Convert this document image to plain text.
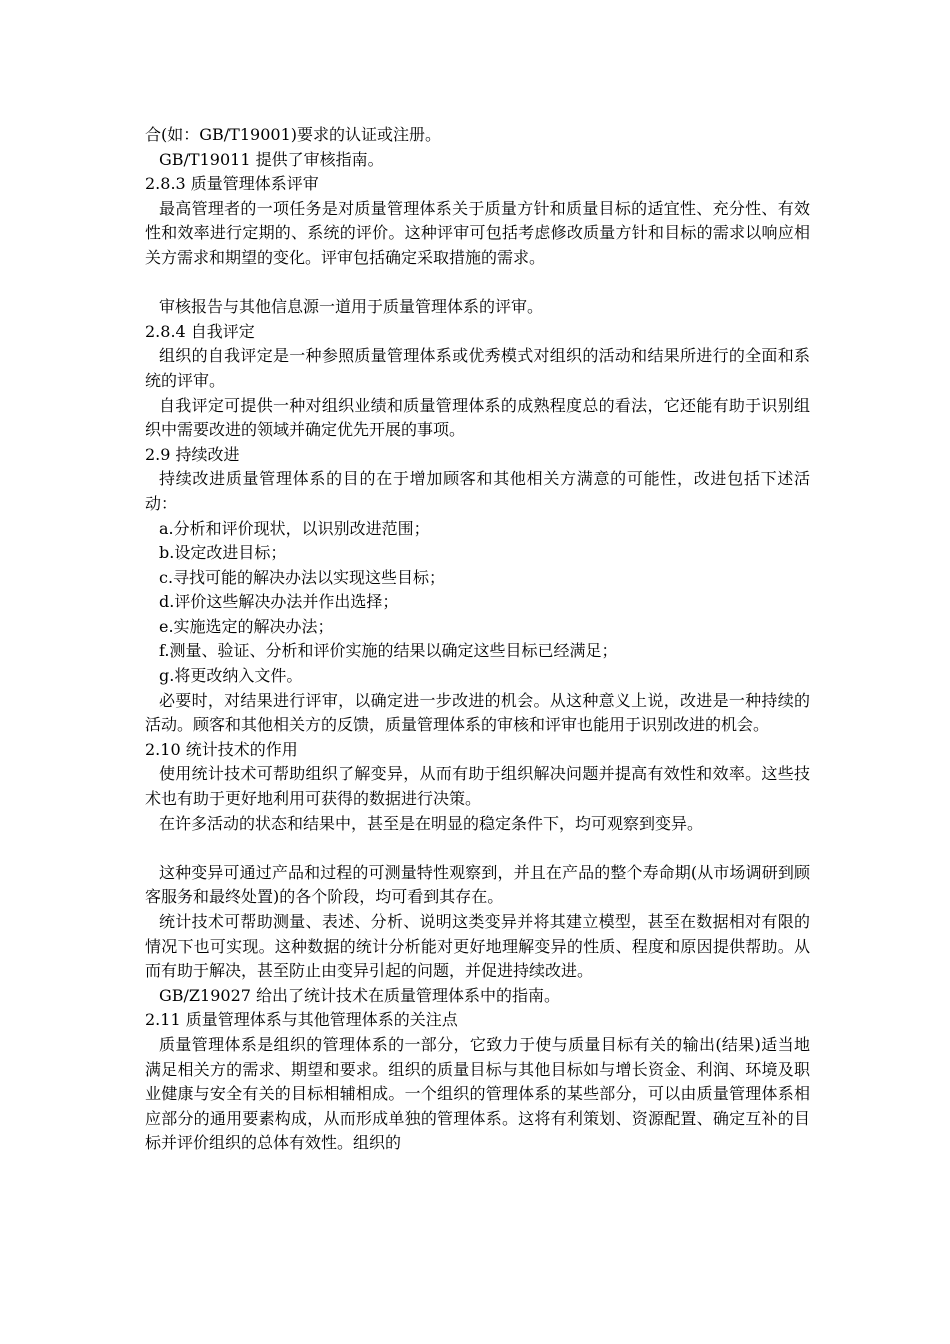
合(如：GB/T19001)要求的认证或注册。
GB/T19011 提供了审核指南。
2.8.3 质量管理体系评审
最高管理者的一项任务是对质量管理体系关于质量方针和质量目标的适宜性、充分性、有效性和效率进行定期的、系统的评价。这种评审可包括考虑修改质量方针和目标的需求以响应相关方需求和期望的变化。评审包括确定采取措施的需求。
审核报告与其他信息源一道用于质量管理体系的评审。
2.8.4 自我评定
组织的自我评定是一种参照质量管理体系或优秀模式对组织的活动和结果所进行的全面和系统的评审。
自我评定可提供一种对组织业绩和质量管理体系的成熟程度总的看法，它还能有助于识别组织中需要改进的领域并确定优先开展的事项。
2.9 持续改进
持续改进质量管理体系的目的在于增加顾客和其他相关方满意的可能性，改进包括下述活动：
a.分析和评价现状，以识别改进范围；
b.设定改进目标；
c.寻找可能的解决办法以实现这些目标；
d.评价这些解决办法并作出选择；
e.实施选定的解决办法；
f.测量、验证、分析和评价实施的结果以确定这些目标已经满足；
g.将更改纳入文件。
必要时，对结果进行评审，以确定进一步改进的机会。从这种意义上说，改进是一种持续的活动。顾客和其他相关方的反馈，质量管理体系的审核和评审也能用于识别改进的机会。
2.10 统计技术的作用
使用统计技术可帮助组织了解变异，从而有助于组织解决问题并提高有效性和效率。这些技术也有助于更好地利用可获得的数据进行决策。
在许多活动的状态和结果中，甚至是在明显的稳定条件下，均可观察到变异。
这种变异可通过产品和过程的可测量特性观察到，并且在产品的整个寿命期(从市场调研到顾客服务和最终处置)的各个阶段，均可看到其存在。
统计技术可帮助测量、表述、分析、说明这类变异并将其建立模型，甚至在数据相对有限的情况下也可实现。这种数据的统计分析能对更好地理解变异的性质、程度和原因提供帮助。从而有助于解决，甚至防止由变异引起的问题，并促进持续改进。
GB/Z19027 给出了统计技术在质量管理体系中的指南。
2.11 质量管理体系与其他管理体系的关注点
质量管理体系是组织的管理体系的一部分，它致力于使与质量目标有关的输出(结果)适当地满足相关方的需求、期望和要求。组织的质量目标与其他目标如与增长资金、利润、环境及职业健康与安全有关的目标相辅相成。一个组织的管理体系的某些部分，可以由质量管理体系相应部分的通用要素构成，从而形成单独的管理体系。这将有利策划、资源配置、确定互补的目标并评价组织的总体有效性。组织的
